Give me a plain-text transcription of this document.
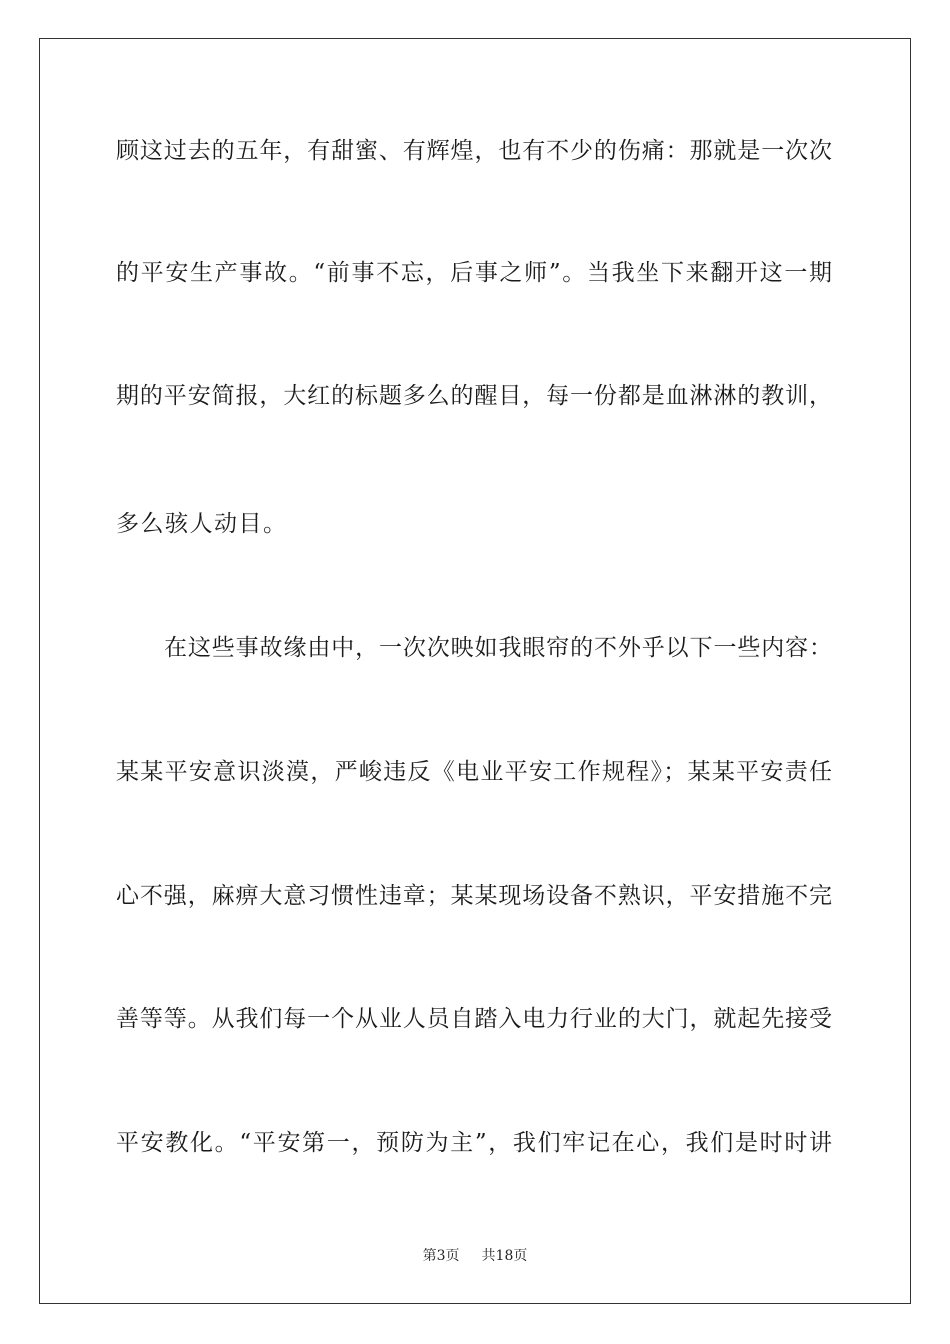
顾这过去的五年，有甜蜜、有辉煌，也有不少的伤痛：那就是一次次
的平安生产事故。“前事不忘，后事之师”。当我坐下来翻开这一期
期的平安简报，大红的标题多么的醒目，每一份都是血淋淋的教训，
多么骇人动目。
在这些事故缘由中，一次次映如我眼帘的不外乎以下一些内容：
某某平安意识淡漠，严峻违反《电业平安工作规程》；某某平安责任
心不强，麻痹大意习惯性违章；某某现场设备不熟识，平安措施不完
善等等。从我们每一个从业人员自踏入电力行业的大门，就起先接受
平安教化。“平安第一，预防为主”，我们牢记在心，我们是时时讲
第3页 共18页
